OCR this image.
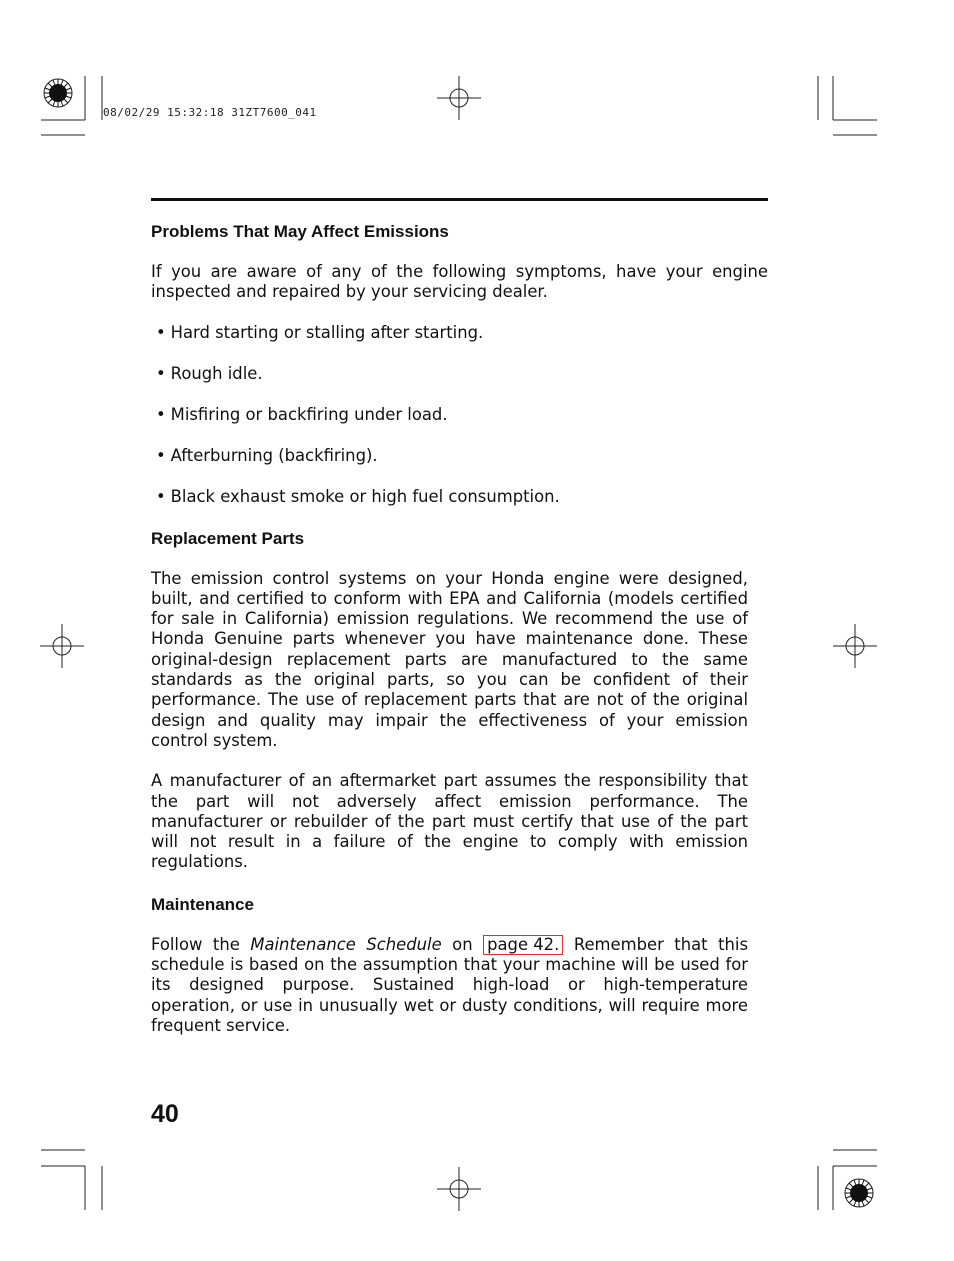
08/02/29 15:32:18 31ZT7600_041
Problems That May Affect Emissions

If you are aware of any of the following symptoms, have your engine inspected and repaired by your servicing dealer.

• Hard starting or stalling after starting.
• Rough idle.
• Misfiring or backfiring under load.
• Afterburning (backfiring).
• Black exhaust smoke or high fuel consumption.
Replacement Parts

The emission control systems on your Honda engine were designed, built, and certified to conform with EPA and California (models certified for sale in California) emission regulations. We recommend the use of Honda Genuine parts whenever you have maintenance done. These original-design replacement parts are manufactured to the same standards as the original parts, so you can be confident of their performance. The use of replacement parts that are not of the original design and quality may impair the effectiveness of your emission control system.

A manufacturer of an aftermarket part assumes the responsibility that the part will not adversely affect emission performance. The manufacturer or rebuilder of the part must certify that use of the part will not result in a failure of the engine to comply with emission regulations.

Maintenance

Follow the Maintenance Schedule on page 42. Remember that this schedule is based on the assumption that your machine will be used for its designed purpose. Sustained high-load or high-temperature operation, or use in unusually wet or dusty conditions, will require more frequent service.

40
